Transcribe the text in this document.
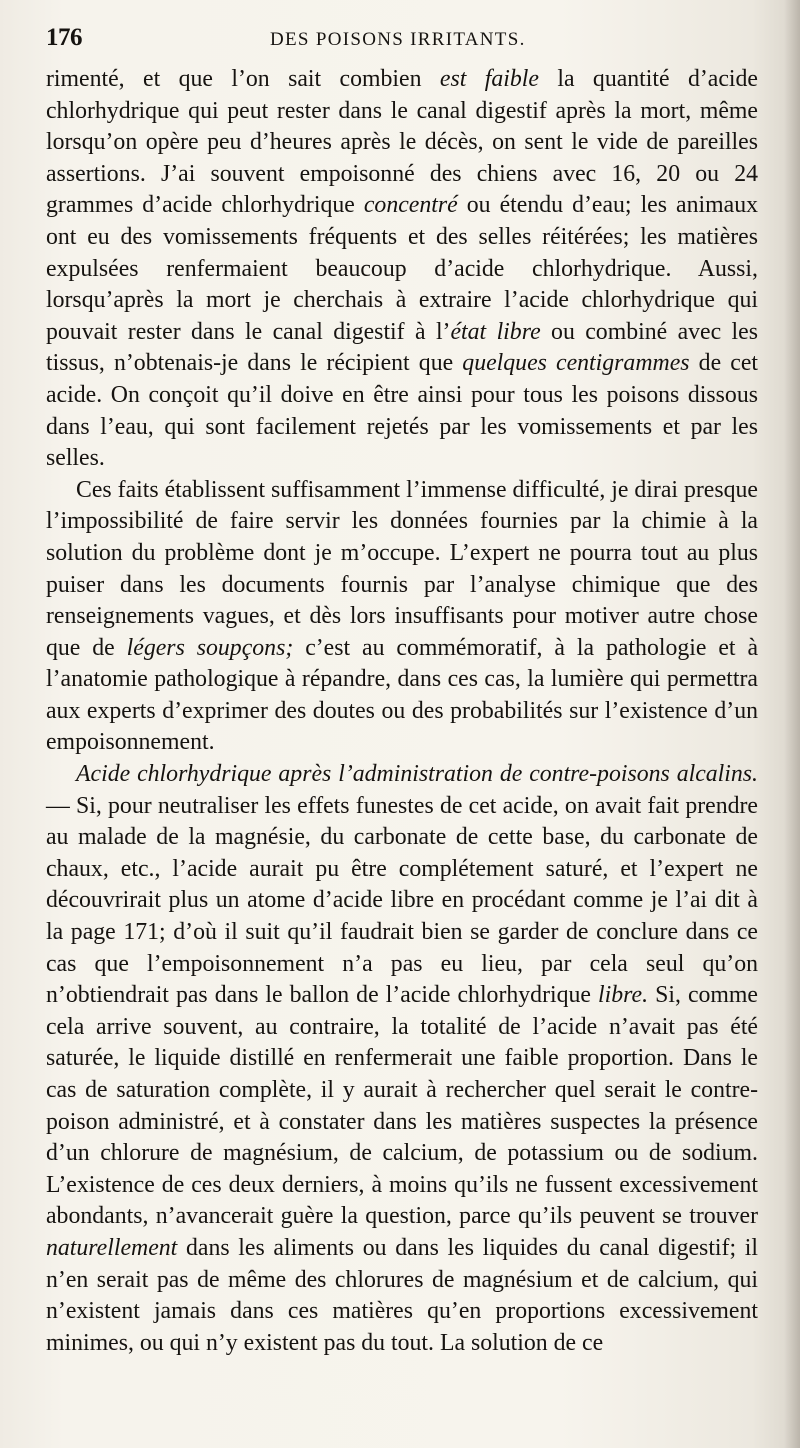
176	DES POISONS IRRITANTS.

rimenté, et que l’on sait combien est faible la quantité d’acide chlorhydrique qui peut rester dans le canal digestif après la mort, même lorsqu’on opère peu d’heures après le décès, on sent le vide de pareilles assertions. J’ai souvent empoisonné des chiens avec 16, 20 ou 24 grammes d’acide chlorhydrique concentré ou étendu d’eau; les animaux ont eu des vomissements fréquents et des selles réitérées; les matières expulsées renfermaient beaucoup d’acide chlorhydrique. Aussi, lorsqu’après la mort je cherchais à extraire l’acide chlorhydrique qui pouvait rester dans le canal digestif à l’état libre ou combiné avec les tissus, n’obtenais-je dans le récipient que quelques centigrammes de cet acide. On conçoit qu’il doive en être ainsi pour tous les poisons dissous dans l’eau, qui sont facilement rejetés par les vomissements et par les selles.

Ces faits établissent suffisamment l’immense difficulté, je dirai presque l’impossibilité de faire servir les données fournies par la chimie à la solution du problème dont je m’occupe. L’expert ne pourra tout au plus puiser dans les documents fournis par l’analyse chimique que des renseignements vagues, et dès lors insuffisants pour motiver autre chose que de légers soupçons; c’est au commémoratif, à la pathologie et à l’anatomie pathologique à répandre, dans ces cas, la lumière qui permettra aux experts d’exprimer des doutes ou des probabilités sur l’existence d’un empoisonnement.

Acide chlorhydrique après l’administration de contre-poisons alcalins. — Si, pour neutraliser les effets funestes de cet acide, on avait fait prendre au malade de la magnésie, du carbonate de cette base, du carbonate de chaux, etc., l’acide aurait pu être complétement saturé, et l’expert ne découvrirait plus un atome d’acide libre en procédant comme je l’ai dit à la page 171; d’où il suit qu’il faudrait bien se garder de conclure dans ce cas que l’empoisonnement n’a pas eu lieu, par cela seul qu’on n’obtiendrait pas dans le ballon de l’acide chlorhydrique libre. Si, comme cela arrive souvent, au contraire, la totalité de l’acide n’avait pas été saturée, le liquide distillé en renfermerait une faible proportion. Dans le cas de saturation complète, il y aurait à rechercher quel serait le contre-poison administré, et à constater dans les matières suspectes la présence d’un chlorure de magnésium, de calcium, de potassium ou de sodium. L’existence de ces deux derniers, à moins qu’ils ne fussent excessivement abondants, n’avancerait guère la question, parce qu’ils peuvent se trouver naturellement dans les aliments ou dans les liquides du canal digestif; il n’en serait pas de même des chlorures de magnésium et de calcium, qui n’existent jamais dans ces matières qu’en proportions excessivement minimes, ou qui n’y existent pas du tout. La solution de ce
